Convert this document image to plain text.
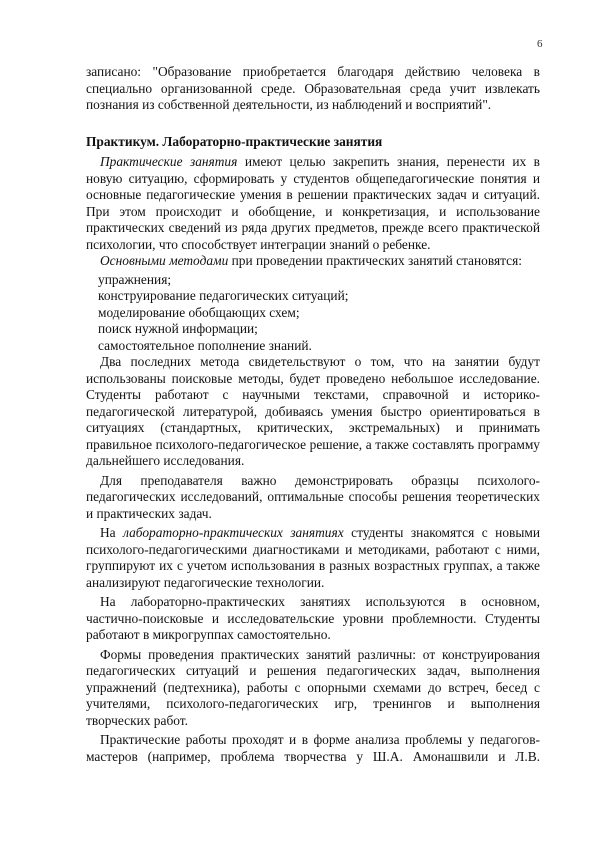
6

записано: "Образование приобретается благодаря действию человека в специально организованной среде. Образовательная среда учит извлекать познания из собственной деятельности, из наблюдений и восприятий".

Практикум. Лабораторно-практические занятия

Практические занятия имеют целью закрепить знания, перенести их в новую ситуацию, сформировать у студентов общепедагогические понятия и основные педагогические умения в решении практических задач и ситуаций. При этом происходит и обобщение, и конкретизация, и использование практических сведений из ряда других предметов, прежде всего практической психологии, что способствует интеграции знаний о ребенке.

Основными методами при проведении практических занятий становятся:

упражнения;
конструирование педагогических ситуаций;
моделирование обобщающих схем;
поиск нужной информации;
самостоятельное пополнение знаний.

Два последних метода свидетельствуют о том, что на занятии будут использованы поисковые методы, будет проведено небольшое исследование. Студенты работают с научными текстами, справочной и историко-педагогической литературой, добиваясь умения быстро ориентироваться в ситуациях (стандартных, критических, экстремальных) и принимать правильное психолого-педагогическое решение, а также составлять программу дальнейшего исследования.

Для преподавателя важно демонстрировать образцы психолого-педагогических исследований, оптимальные способы решения теоретических и практических задач.

На лабораторно-практических занятиях студенты знакомятся с новыми психолого-педагогическими диагностиками и методиками, работают с ними, группируют их с учетом использования в разных возрастных группах, а также анализируют педагогические технологии.

На лабораторно-практических занятиях используются в основном, частично-поисковые и исследовательские уровни проблемности. Студенты работают в микрогруппах самостоятельно.

Формы проведения практических занятий различны: от конструирования педагогических ситуаций и решения педагогических задач, выполнения упражнений (педтехника), работы с опорными схемами до встреч, бесед с учителями, психолого-педагогических игр, тренингов и выполнения творческих работ.

Практические работы проходят и в форме анализа проблемы у педагогов-мастеров (например, проблема творчества у Ш.А. Амонашвили и Л.В.
